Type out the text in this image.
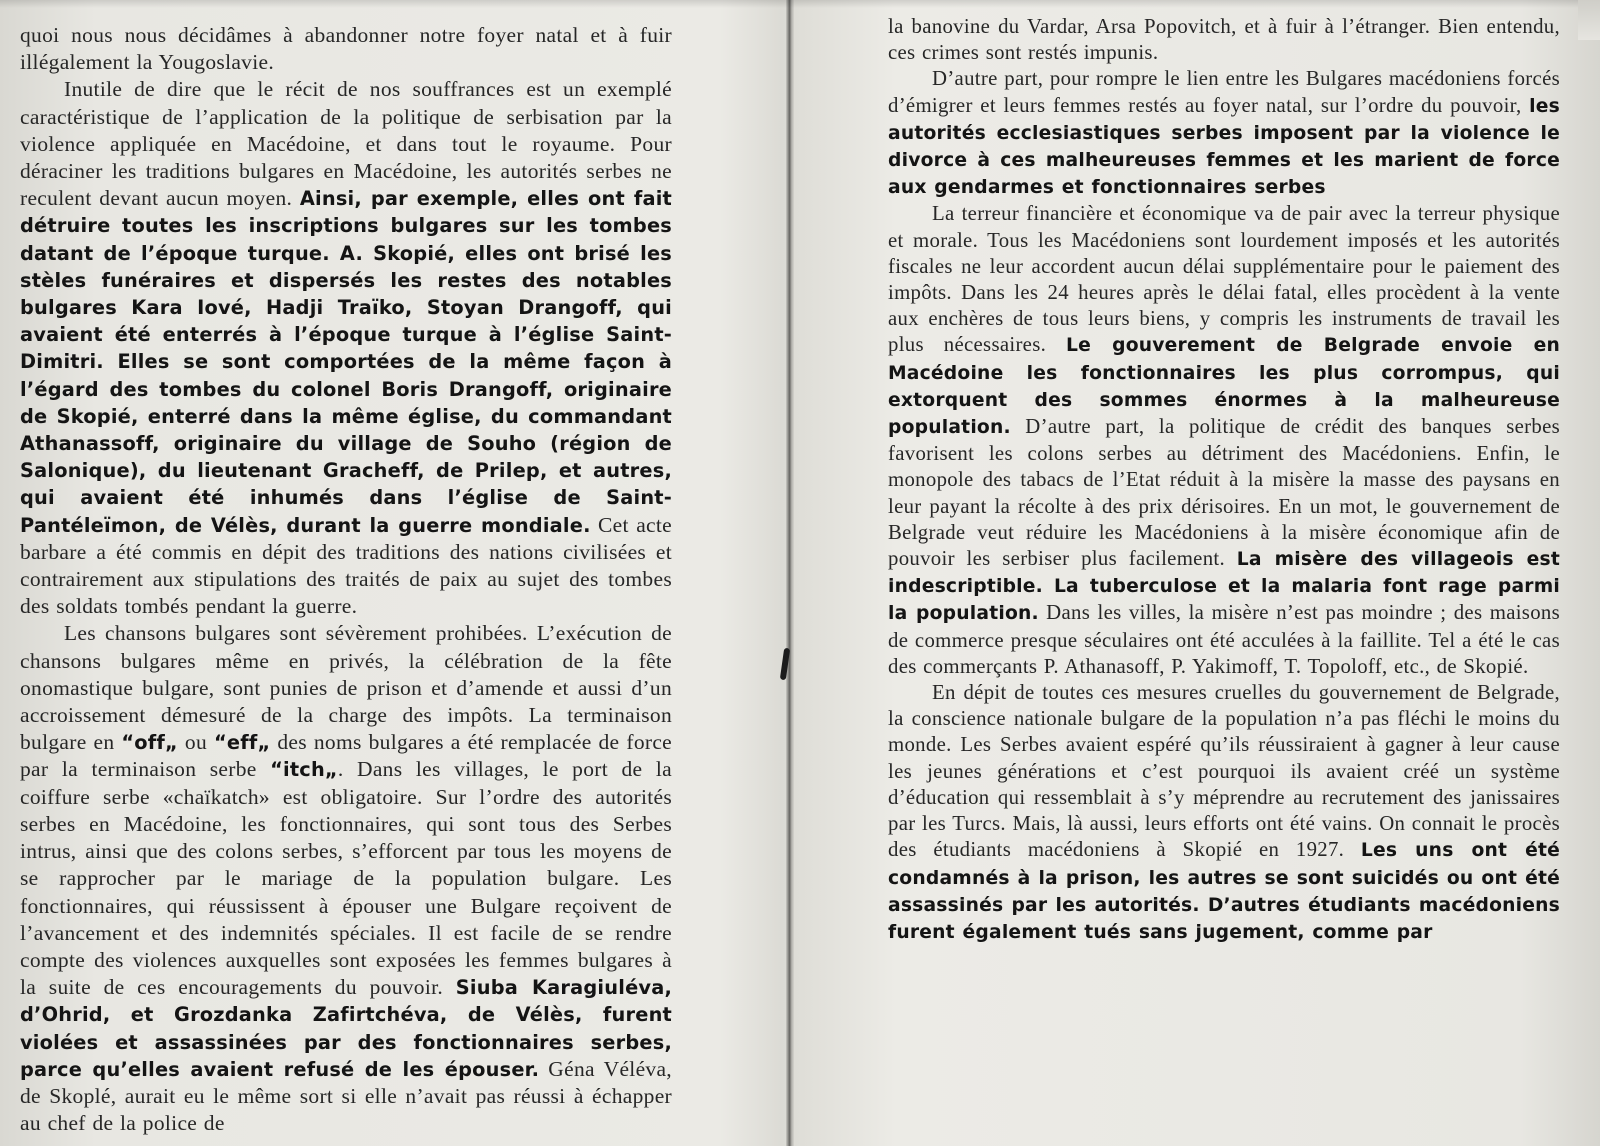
quoi nous nous décidâmes à abandonner notre foyer natal et à fuir illégalement la Yougoslavie.

Inutile de dire que le récit de nos souffrances est un exemplé caractéristique de l’application de la politique de serbisation par la violence appliquée en Macédoine, et dans tout le royaume. Pour déraciner les traditions bulgares en Macédoine, les autorités serbes ne reculent devant aucun moyen. Ainsi, par exemple, elles ont fait détruire toutes les inscriptions bulgares sur les tombes datant de l’époque turque. A. Skopié, elles ont brisé les stèles funéraires et dispersés les restes des notables bulgares Kara Iové, Hadji Traïko, Stoyan Drangoff, qui avaient été enterrés à l’époque turque à l’église Saint-Dimitri. Elles se sont comportées de la même façon à l’égard des tombes du colonel Boris Drangoff, originaire de Skopié, enterré dans la même église, du commandant Athanassoff, originaire du village de Souho (région de Salonique), du lieutenant Gracheff, de Prilep, et autres, qui avaient été inhumés dans l’église de Saint-Pantéleïmon, de Vélès, durant la guerre mondiale. Cet acte barbare a été commis en dépit des traditions des nations civilisées et contrairement aux stipulations des traités de paix au sujet des tombes des soldats tombés pendant la guerre.

Les chansons bulgares sont sévèrement prohibées. L’exécution de chansons bulgares même en privés, la célébration de la fête onomastique bulgare, sont punies de prison et d’amende et aussi d’un accroissement démesuré de la charge des impôts. La terminaison bulgare en “off„ ou “eff„ des noms bulgares a été remplacée de force par la terminaison serbe “itch„. Dans les villages, le port de la coiffure serbe «chaïkatch» est obligatoire. Sur l’ordre des autorités serbes en Macédoine, les fonctionnaires, qui sont tous des Serbes intrus, ainsi que des colons serbes, s’efforcent par tous les moyens de se rapprocher par le mariage de la population bulgare. Les fonctionnaires, qui réussissent à épouser une Bulgare reçoivent de l’avancement et des indemnités spéciales. Il est facile de se rendre compte des violences auxquelles sont exposées les femmes bulgares à la suite de ces encouragements du pouvoir. Siuba Karagiuléva, d’Ohrid, et Grozdanka Zafirtchéva, de Vélès, furent violées et assassinées par des fonctionnaires serbes, parce qu’elles avaient refusé de les épouser. Géna Véléva, de Skoplé, aurait eu le même sort si elle n’avait pas réussi à échapper au chef de la police de

la banovine du Vardar, Arsa Popovitch, et à fuir à l’étranger. Bien entendu, ces crimes sont restés impunis.

D’autre part, pour rompre le lien entre les Bulgares macédoniens forcés d’émigrer et leurs femmes restés au foyer natal, sur l’ordre du pouvoir, les autorités ecclesiastiques serbes imposent par la violence le divorce à ces malheureuses femmes et les marient de force aux gendarmes et fonctionnaires serbes

La terreur financière et économique va de pair avec la terreur physique et morale. Tous les Macédoniens sont lourdement imposés et les autorités fiscales ne leur accordent aucun délai supplémentaire pour le paiement des impôts. Dans les 24 heures après le délai fatal, elles procèdent à la vente aux enchères de tous leurs biens, y compris les instruments de travail les plus nécessaires. Le gouverement de Belgrade envoie en Macédoine les fonctionnaires les plus corrompus, qui extorquent des sommes énormes à la malheureuse population. D’autre part, la politique de crédit des banques serbes favorisent les colons serbes au détriment des Macédoniens. Enfin, le monopole des tabacs de l’Etat réduit à la misère la masse des paysans en leur payant la récolte à des prix dérisoires. En un mot, le gouvernement de Belgrade veut réduire les Macédoniens à la misère économique afin de pouvoir les serbiser plus facilement. La misère des villageois est indescriptible. La tuberculose et la malaria font rage parmi la population. Dans les villes, la misère n’est pas moindre ; des maisons de commerce presque séculaires ont été acculées à la faillite. Tel a été le cas des commerçants P. Athanasoff, P. Yakimoff, T. Topoloff, etc., de Skopié.

En dépit de toutes ces mesures cruelles du gouvernement de Belgrade, la conscience nationale bulgare de la population n’a pas fléchi le moins du monde. Les Serbes avaient espéré qu’ils réussiraient à gagner à leur cause les jeunes générations et c’est pourquoi ils avaient créé un système d’éducation qui ressemblait à s’y méprendre au recrutement des janissaires par les Turcs. Mais, là aussi, leurs efforts ont été vains. On connait le procès des étudiants macédoniens à Skopié en 1927. Les uns ont été condamnés à la prison, les autres se sont suicidés ou ont été assassinés par les autorités. D’autres étudiants macédoniens furent également tués sans jugement, comme par
